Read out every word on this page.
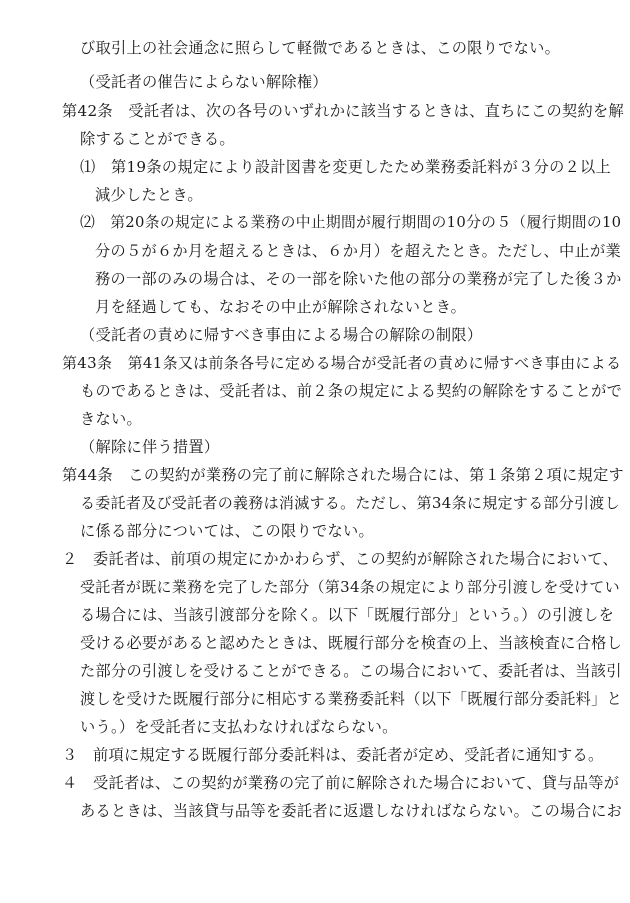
び取引上の社会通念に照らして軽微であるときは、この限りでない。
（受託者の催告によらない解除権）
第42条　受託者は、次の各号のいずれかに該当するときは、直ちにこの契約を解
除することができる。
⑴　第19条の規定により設計図書を変更したため業務委託料が３分の２以上
減少したとき。
⑵　第20条の規定による業務の中止期間が履行期間の10分の５（履行期間の10
分の５が６か月を超えるときは、６か月）を超えたとき。ただし、中止が業
務の一部のみの場合は、その一部を除いた他の部分の業務が完了した後３か
月を経過しても、なおその中止が解除されないとき。
（受託者の責めに帰すべき事由による場合の解除の制限）
第43条　第41条又は前条各号に定める場合が受託者の責めに帰すべき事由による
ものであるときは、受託者は、前２条の規定による契約の解除をすることがで
きない。
（解除に伴う措置）
第44条　この契約が業務の完了前に解除された場合には、第１条第２項に規定す
る委託者及び受託者の義務は消滅する。ただし、第34条に規定する部分引渡し
に係る部分については、この限りでない。
２　委託者は、前項の規定にかかわらず、この契約が解除された場合において、
受託者が既に業務を完了した部分（第34条の規定により部分引渡しを受けてい
る場合には、当該引渡部分を除く。以下「既履行部分」という。）の引渡しを
受ける必要があると認めたときは、既履行部分を検査の上、当該検査に合格し
た部分の引渡しを受けることができる。この場合において、委託者は、当該引
渡しを受けた既履行部分に相応する業務委託料（以下「既履行部分委託料」と
いう。）を受託者に支払わなければならない。
３　前項に規定する既履行部分委託料は、委託者が定め、受託者に通知する。
４　受託者は、この契約が業務の完了前に解除された場合において、貸与品等が
あるときは、当該貸与品等を委託者に返還しなければならない。この場合にお
